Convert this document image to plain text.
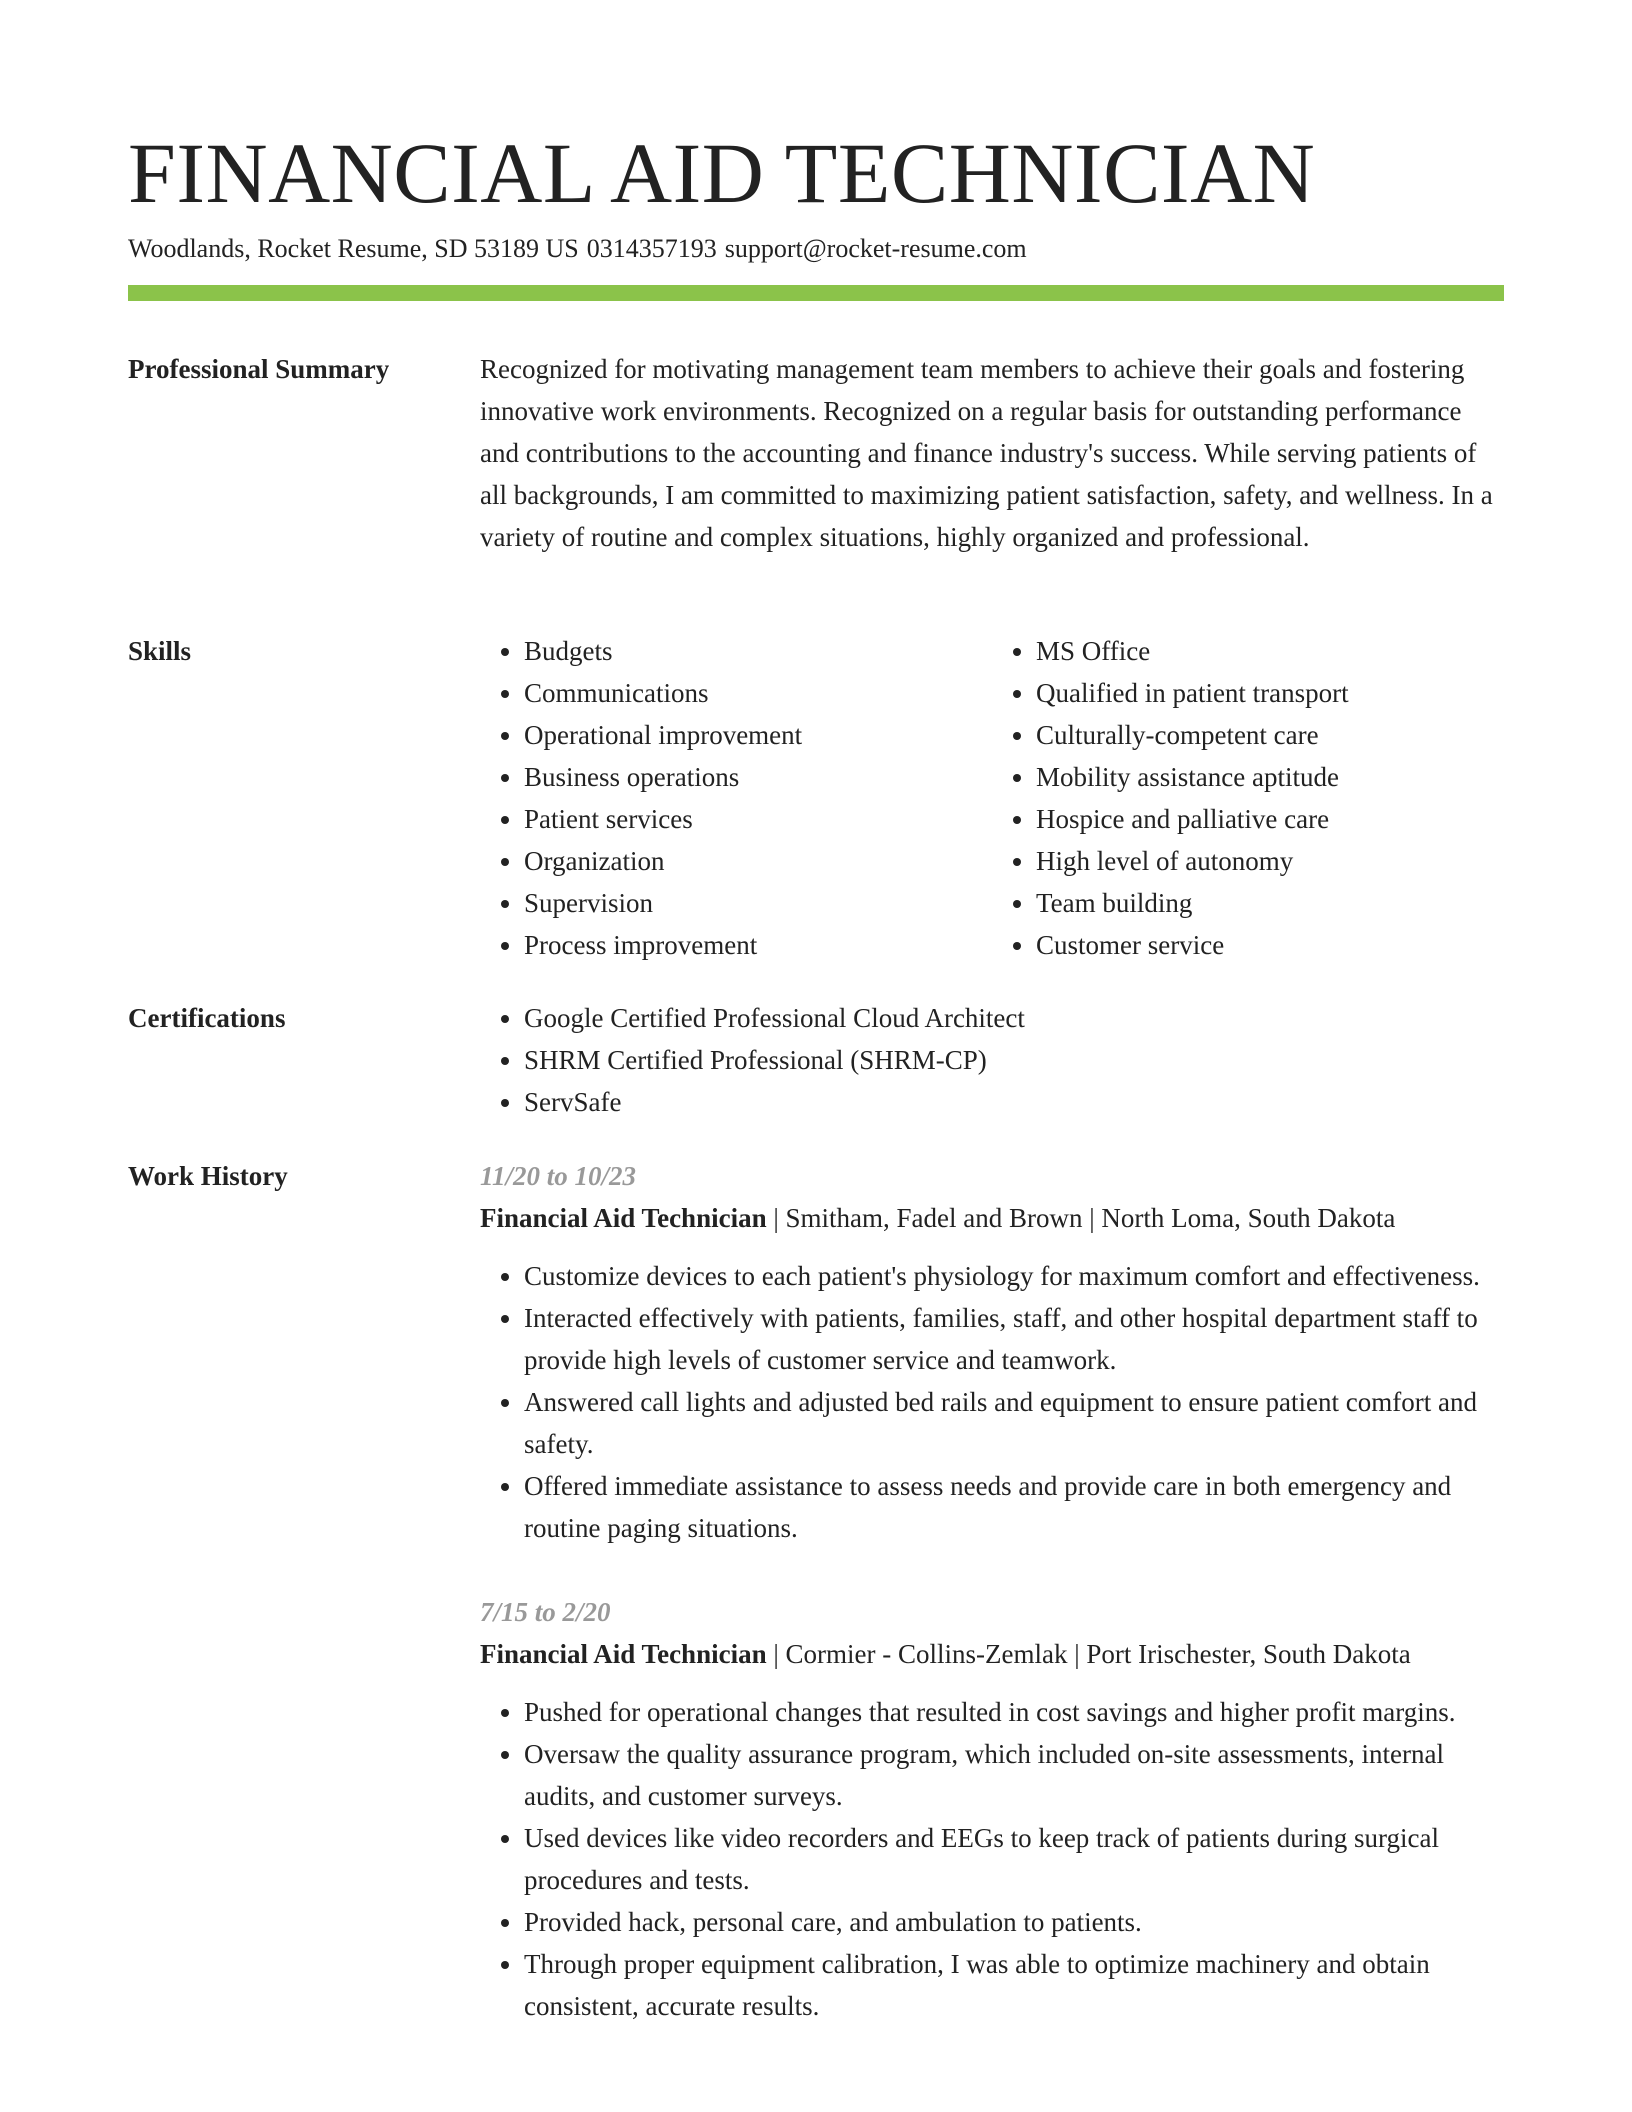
FINANCIAL AID TECHNICIAN
Woodlands, Rocket Resume, SD 53189 US 0314357193 support@rocket-resume.com
Professional Summary	Recognized for motivating management team members to achieve their goals and fostering innovative work environments. Recognized on a regular basis for outstanding performance and contributions to the accounting and finance industry's success. While serving patients of all backgrounds, I am committed to maximizing patient satisfaction, safety, and wellness. In a variety of routine and complex situations, highly organized and professional.

Skills	• Budgets
• Communications
• Operational improvement
• Business operations
• Patient services
• Organization
• Supervision
• Process improvement
• MS Office
• Qualified in patient transport
• Culturally-competent care
• Mobility assistance aptitude
• Hospice and palliative care
• High level of autonomy
• Team building
• Customer service
Certifications	• Google Certified Professional Cloud Architect
• SHRM Certified Professional (SHRM-CP)
• ServSafe
Work History	11/20 to 10/23
Financial Aid Technician | Smitham, Fadel and Brown | North Loma, South Dakota
• Customize devices to each patient's physiology for maximum comfort and effectiveness.
• Interacted effectively with patients, families, staff, and other hospital department staff to provide high levels of customer service and teamwork.
• Answered call lights and adjusted bed rails and equipment to ensure patient comfort and safety.
• Offered immediate assistance to assess needs and provide care in both emergency and routine paging situations.
7/15 to 2/20
Financial Aid Technician | Cormier - Collins-Zemlak | Port Irischester, South Dakota
• Pushed for operational changes that resulted in cost savings and higher profit margins.
• Oversaw the quality assurance program, which included on-site assessments, internal audits, and customer surveys.
• Used devices like video recorders and EEGs to keep track of patients during surgical procedures and tests.
• Provided hack, personal care, and ambulation to patients.
• Through proper equipment calibration, I was able to optimize machinery and obtain consistent, accurate results.
